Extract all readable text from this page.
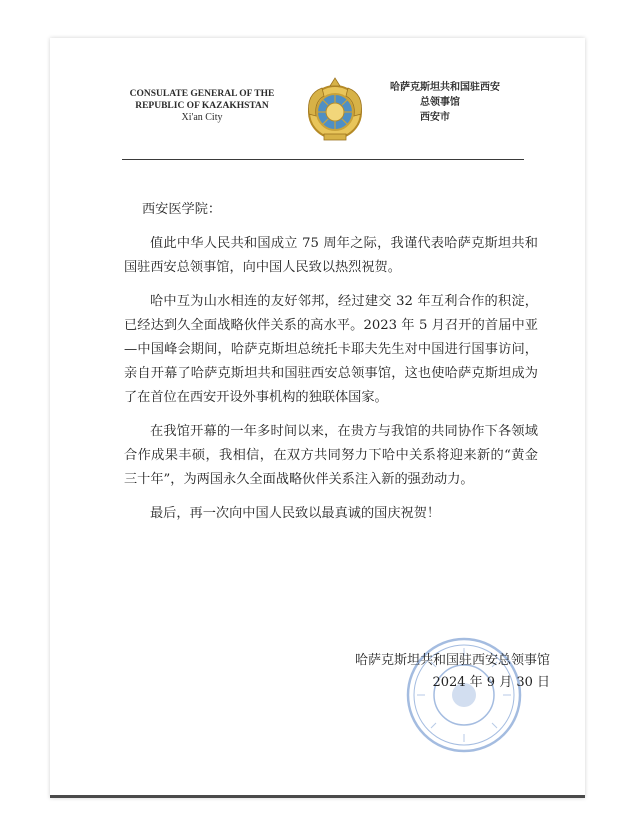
CONSULATE GENERAL OF THE
REPUBLIC OF KAZAKHSTAN
Xi'an City
哈萨克斯坦共和国驻西安
总领事馆
西安市

西安医学院：

值此中华人民共和国成立 75 周年之际，我谨代表哈萨克斯坦共和国驻西安总领事馆，向中国人民致以热烈祝贺。

哈中互为山水相连的友好邻邦，经过建交 32 年互利合作的积淀，已经达到久全面战略伙伴关系的高水平。2023 年 5 月召开的首届中亚—中国峰会期间，哈萨克斯坦总统托卡耶夫先生对中国进行国事访问，亲自开幕了哈萨克斯坦共和国驻西安总领事馆，这也使哈萨克斯坦成为了在首位在西安开设外事机构的独联体国家。

在我馆开幕的一年多时间以来，在贵方与我馆的共同协作下各领域合作成果丰硕，我相信，在双方共同努力下哈中关系将迎来新的“黄金三十年”，为两国永久全面战略伙伴关系注入新的强劲动力。

最后，再一次向中国人民致以最真诚的国庆祝贺！

哈萨克斯坦共和国驻西安总领事馆
2024 年 9 月 30 日
